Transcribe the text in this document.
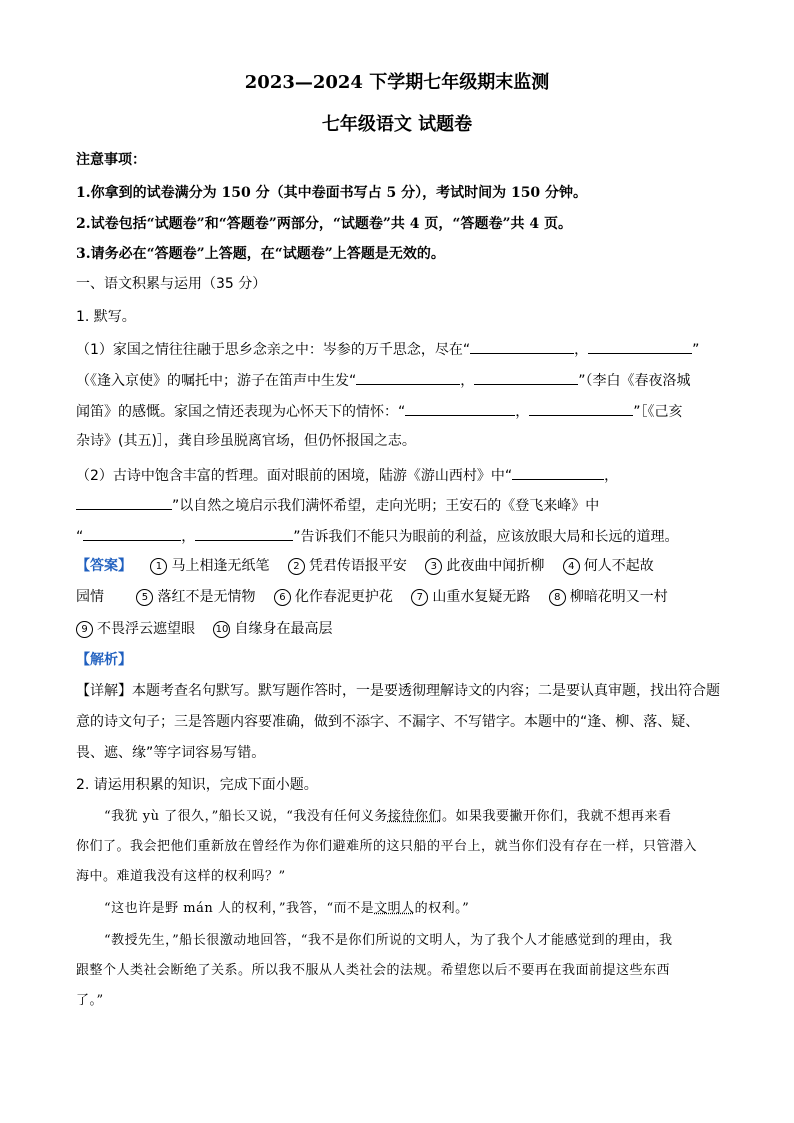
2023—2024 下学期七年级期末监测
七年级语文 试题卷
注意事项：
1.你拿到的试卷满分为 150 分（其中卷面书写占 5 分），考试时间为 150 分钟。
2.试卷包括“试题卷”和“答题卷”两部分，“试题卷”共 4 页，“答题卷”共 4 页。
3.请务必在“答题卷”上答题，在“试题卷”上答题是无效的。
一、语文积累与运用（35 分）
1. 默写。
（1）家国之情往往融于思乡念亲之中：岑参的万千思念，尽在“	，	”
（《逢入京使》的嘱托中；游子在笛声中生发“	，	”（李白《春夜洛城
闻笛》的感慨。家国之情还表现为心怀天下的情怀：“	，	”［《己亥
杂诗》(其五)］，龚自珍虽脱离官场，但仍怀报国之志。
（2）古诗中饱含丰富的哲理。面对眼前的困境，陆游《游山西村》中“	，
”以自然之境启示我们满怀希望，走向光明；王安石的《登飞来峰》中
“	，	”告诉我们不能只为眼前的利益，应该放眼大局和长远的道理。
【答案】 1 马上相逢无纸笔 2 凭君传语报平安 3 此夜曲中闻折柳 4 何人不起故
园情	5 落红不是无情物 6 化作春泥更护花 7 山重水复疑无路 8 柳暗花明又一村
9 不畏浮云遮望眼 10 自缘身在最高层
【解析】
【详解】本题考查名句默写。默写题作答时，一是要透彻理解诗文的内容；二是要认真审题，找出符合题
意的诗文句子；三是答题内容要准确，做到不添字、不漏字、不写错字。本题中的“逢、柳、落、疑、
畏、遮、缘”等字词容易写错。
2. 请运用积累的知识，完成下面小题。
“我犹 yù 了很久，”船长又说，“我没有任何义务接待你们。如果我要撇开你们，我就不想再来看
你们了。我会把他们重新放在曾经作为你们避难所的这只船的平台上，就当你们没有存在一样，只管潜入
海中。难道我没有这样的权利吗？”
“这也许是野 mán 人的权利，”我答，“而不是文明人的权利。”
“教授先生，”船长很激动地回答，“我不是你们所说的文明人，为了我个人才能感觉到的理由，我
跟整个人类社会断绝了关系。所以我不服从人类社会的法规。希望您以后不要再在我面前提这些东西
了。”
